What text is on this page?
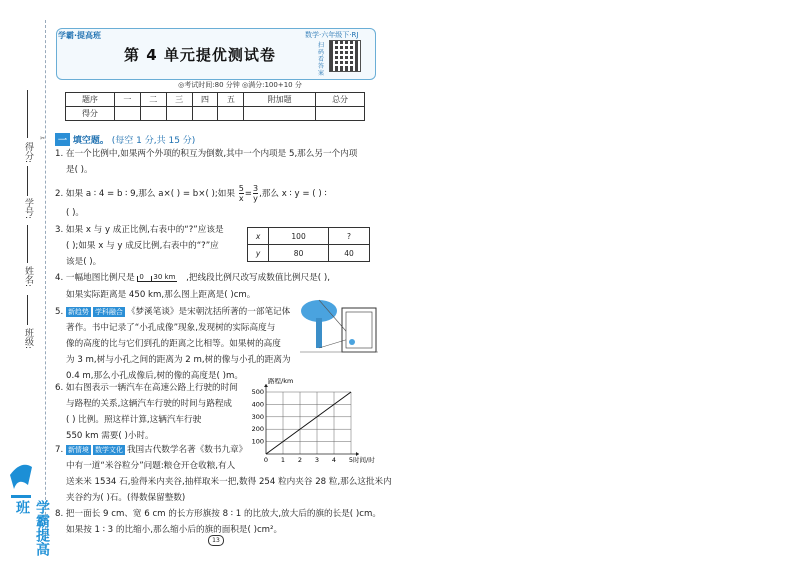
得分:
学号:
姓名:
班级:
✂
学霸提高班
学霸·提高班	数学·六年级下·RJ
第 4 单元提优测试卷
扫码看答案
◎考试时间:80 分钟 ◎满分:100+10 分
题序	一	二	三	四	五	附加题	总分
得分							
一 填空题。 (每空 1 分,共 15 分)
1. 在一个比例中,如果两个外项的积互为倒数,其中一个内项是 5,那么另一个内项
是( )。
2. 如果 a ∶ 4 = b ∶ 9,那么 a×( ) = b×( );如果 $\frac{5}{x} = \frac{3}{y}$ ,那么 x ∶ y = ( ) ∶
( )。
3. 如果 x 与 y 成正比例,右表中的“?”应该是
( );如果 x 与 y 成反比例,右表中的“?”应
该是( )。
x	100	?
y	80	40
4. 一幅地图比例尺是 0 30 km ,把线段比例尺改写成数值比例尺是( ),
如果实际距离是 450 km,那么图上距离是( )cm。
5. 新趋势 学科融合 《梦溪笔谈》是宋朝沈括所著的一部笔记体
著作。书中记录了“小孔成像”现象,发现树的实际高度与
像的高度的比与它们到孔的距离之比相等。如果树的高度
为 3 m,树与小孔之间的距离为 2 m,树的像与小孔的距离为
0.4 m,那么小孔成像后,树的像的高度是( )m。
6. 如右图表示一辆汽车在高速公路上行驶的时间
与路程的关系,这辆汽车行驶的时间与路程成
( ) 比例。照这样计算,这辆汽车行驶
550 km 需要( )小时。
0 1 2 3 4 5
100
200
300
400
500
路程/km
时间/时
7. 新情境 数学文化 我国古代数学名著《数书九章》
中有一道“米谷粒分”问题:粮仓开仓收粮,有人
送来米 1534 石,验得米内夹谷,抽样取米一把,数得 254 粒内夹谷 28 粒,那么这批米内
夹谷约为( )石。(得数保留整数)
8. 把一面长 9 cm、宽 6 cm 的长方形旗按 8 ∶ 1 的比放大,放大后的旗的长是( )cm。
如果按 1 ∶ 3 的比缩小,那么缩小后的旗的面积是( )cm²。
13
